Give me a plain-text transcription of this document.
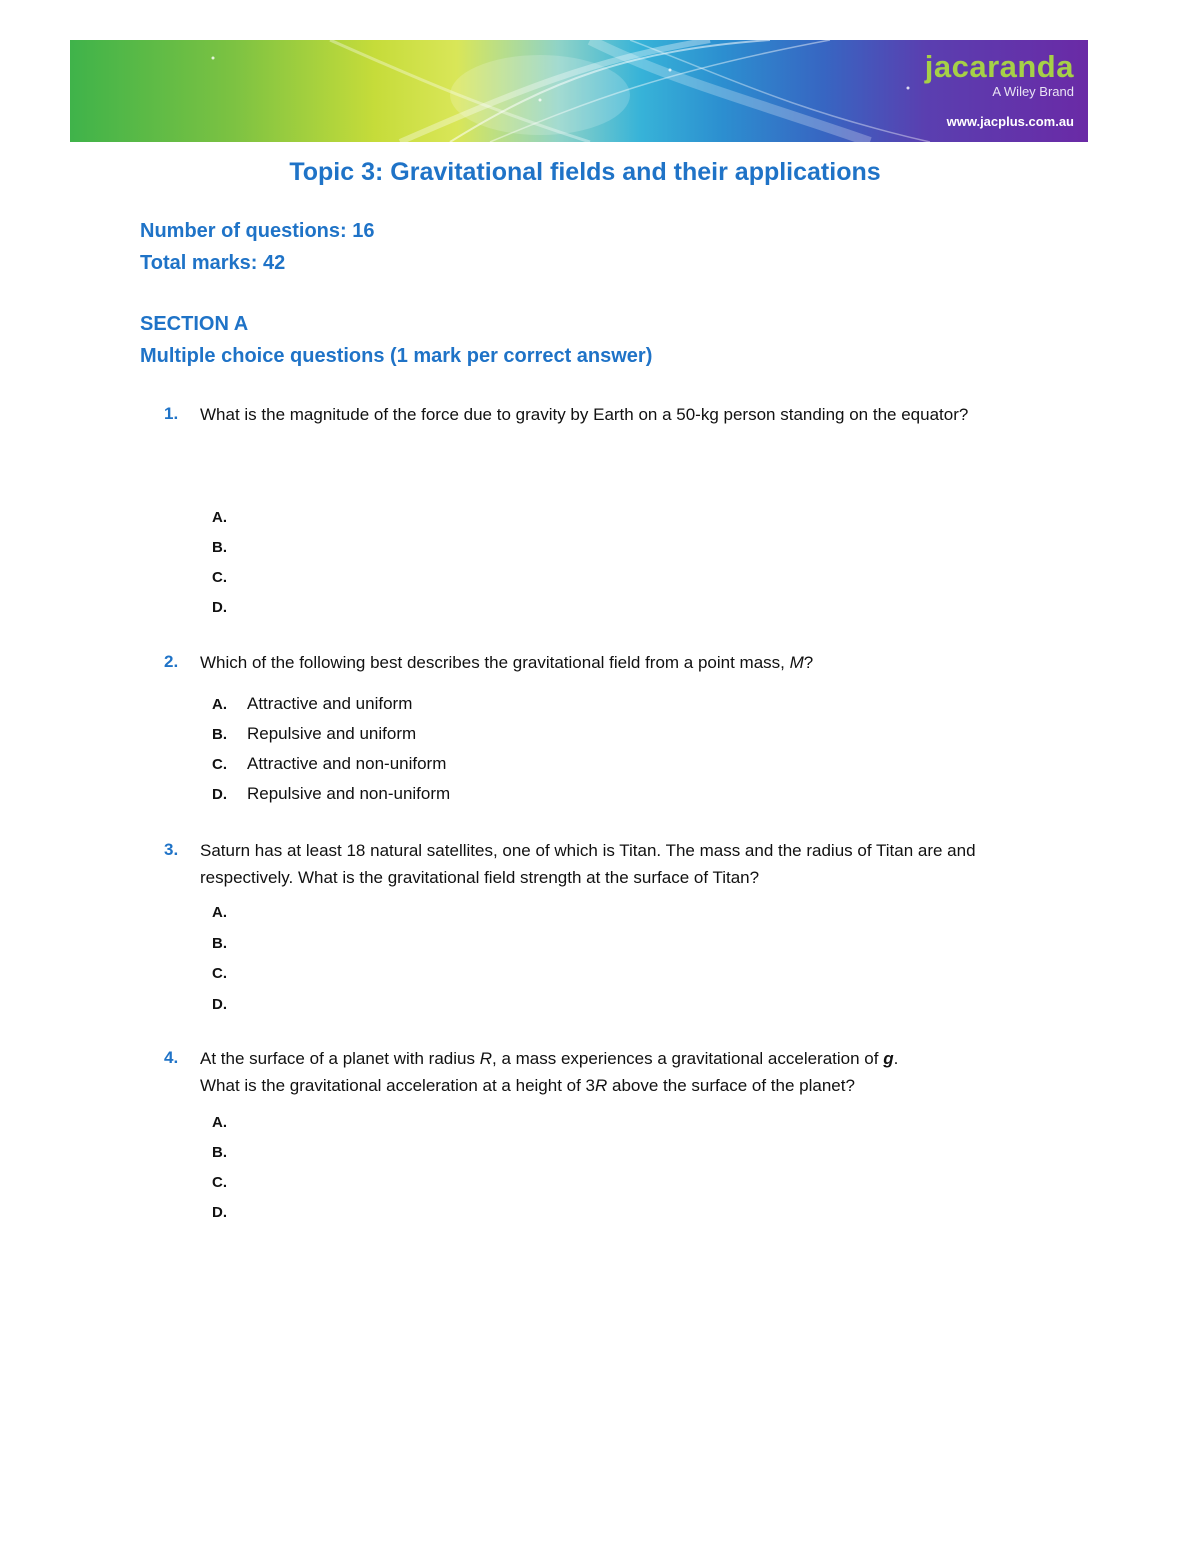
jacaranda
A Wiley Brand
www.jacplus.com.au
Topic 3: Gravitational fields and their applications

Number of questions: 16

Total marks: 42

SECTION A

Multiple choice questions (1 mark per correct answer)

1. What is the magnitude of the force due to gravity by Earth on a 50-kg person standing on the equator?
A.
B.
C.
D.
2. Which of the following best describes the gravitational field from a point mass, M?
A. Attractive and uniform
B. Repulsive and uniform
C. Attractive and non-uniform
D. Repulsive and non-uniform
3. Saturn has at least 18 natural satellites, one of which is Titan. The mass and the radius of Titan are and respectively. What is the gravitational field strength at the surface of Titan?
A.
B.
C.
D.
4. At the surface of a planet with radius R, a mass experiences a gravitational acceleration of g.
What is the gravitational acceleration at a height of 3R above the surface of the planet?
A.
B.
C.
D.
